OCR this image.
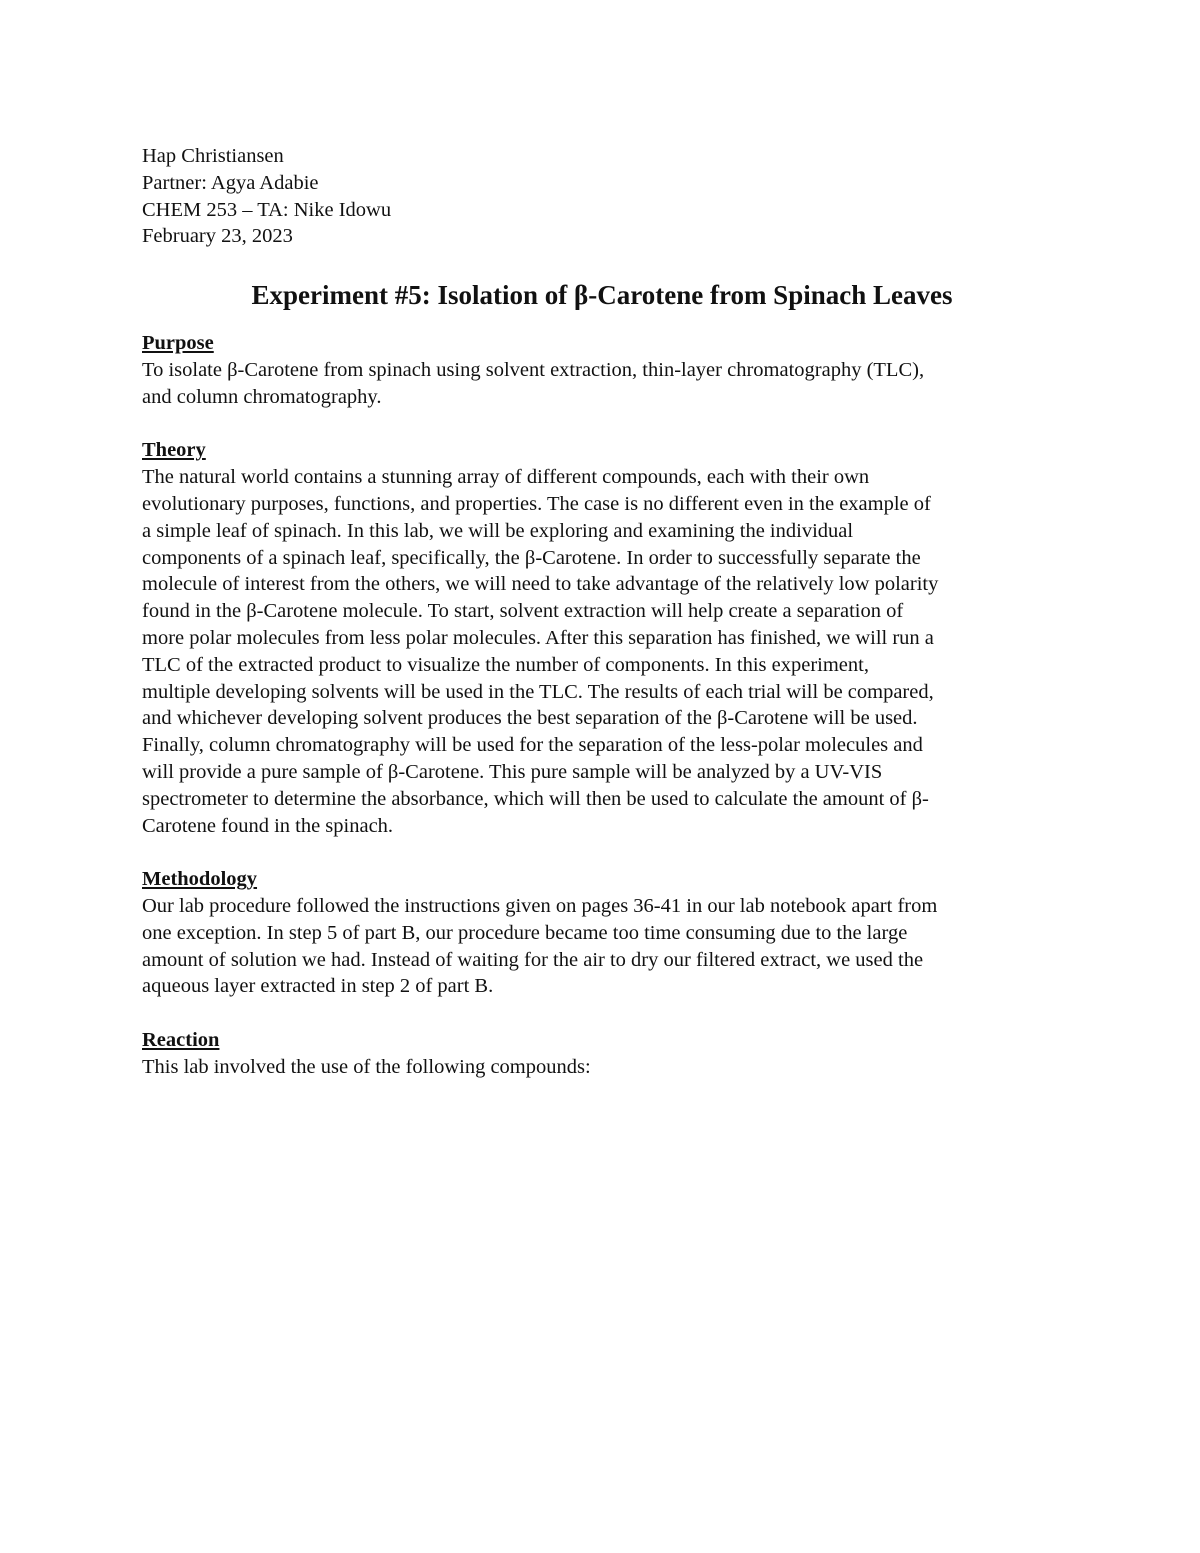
Hap Christiansen
Partner: Agya Adabie
CHEM 253 – TA: Nike Idowu
February 23, 2023
Experiment #5: Isolation of β-Carotene from Spinach Leaves
Purpose
To isolate β-Carotene from spinach using solvent extraction, thin-layer chromatography (TLC),
and column chromatography.
Theory
The natural world contains a stunning array of different compounds, each with their own
evolutionary purposes, functions, and properties. The case is no different even in the example of
a simple leaf of spinach. In this lab, we will be exploring and examining the individual
components of a spinach leaf, specifically, the β-Carotene. In order to successfully separate the
molecule of interest from the others, we will need to take advantage of the relatively low polarity
found in the β-Carotene molecule. To start, solvent extraction will help create a separation of
more polar molecules from less polar molecules. After this separation has finished, we will run a
TLC of the extracted product to visualize the number of components. In this experiment,
multiple developing solvents will be used in the TLC. The results of each trial will be compared,
and whichever developing solvent produces the best separation of the β-Carotene will be used.
Finally, column chromatography will be used for the separation of the less-polar molecules and
will provide a pure sample of β-Carotene. This pure sample will be analyzed by a UV-VIS
spectrometer to determine the absorbance, which will then be used to calculate the amount of β-
Carotene found in the spinach.
Methodology
Our lab procedure followed the instructions given on pages 36-41 in our lab notebook apart from
one exception. In step 5 of part B, our procedure became too time consuming due to the large
amount of solution we had. Instead of waiting for the air to dry our filtered extract, we used the
aqueous layer extracted in step 2 of part B.
Reaction
This lab involved the use of the following compounds:
